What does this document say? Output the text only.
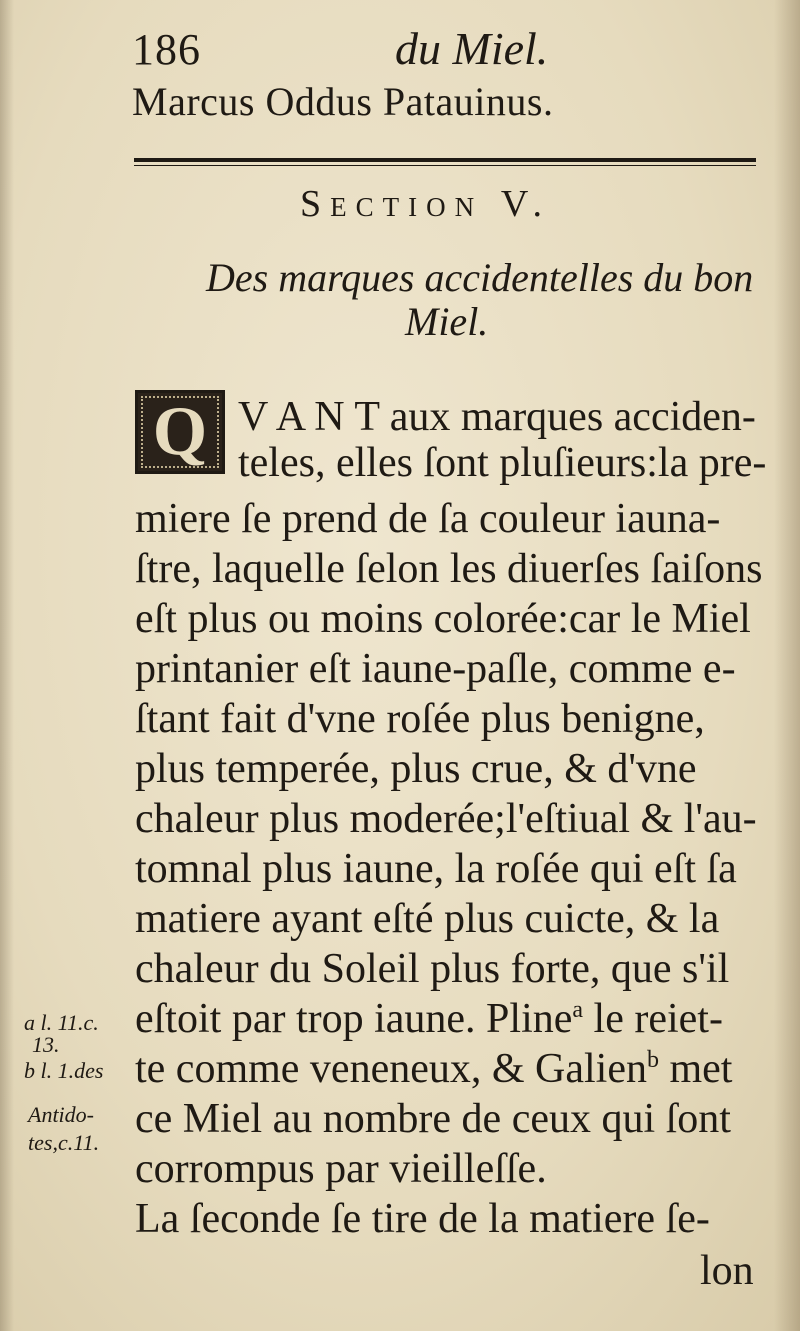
186	du Miel.
Marcus Oddus Patauinus.
Section V.
Des marques accidentelles du bon
Miel.
Q V A N T aux marques acciden-
teles, elles ſont pluſieurs:la pre-
miere ſe prend de ſa couleur iauna-
ſtre, laquelle ſelon les diuerſes ſaiſons
eſt plus ou moins colorée:car le Miel
printanier eſt iaune-paſle, comme e-
ſtant fait d'vne roſée plus benigne,
plus temperée, plus crue, & d'vne
chaleur plus moderée;l'eſtiual & l'au-
tomnal plus iaune, la roſée qui eſt ſa
matiere ayant eſté plus cuicte, & la
chaleur du Soleil plus forte, que s'il
eſtoit par trop iaune. Pline$^a$ le reiet-
te comme veneneux, & Galien$^b$ met
ce Miel au nombre de ceux qui ſont
corrompus par vieilleſſe.
La ſeconde ſe tire de la matiere ſe-
lon
a l. 11.c.
13.
b l. 1.des
Antido-
tes,c.11.
